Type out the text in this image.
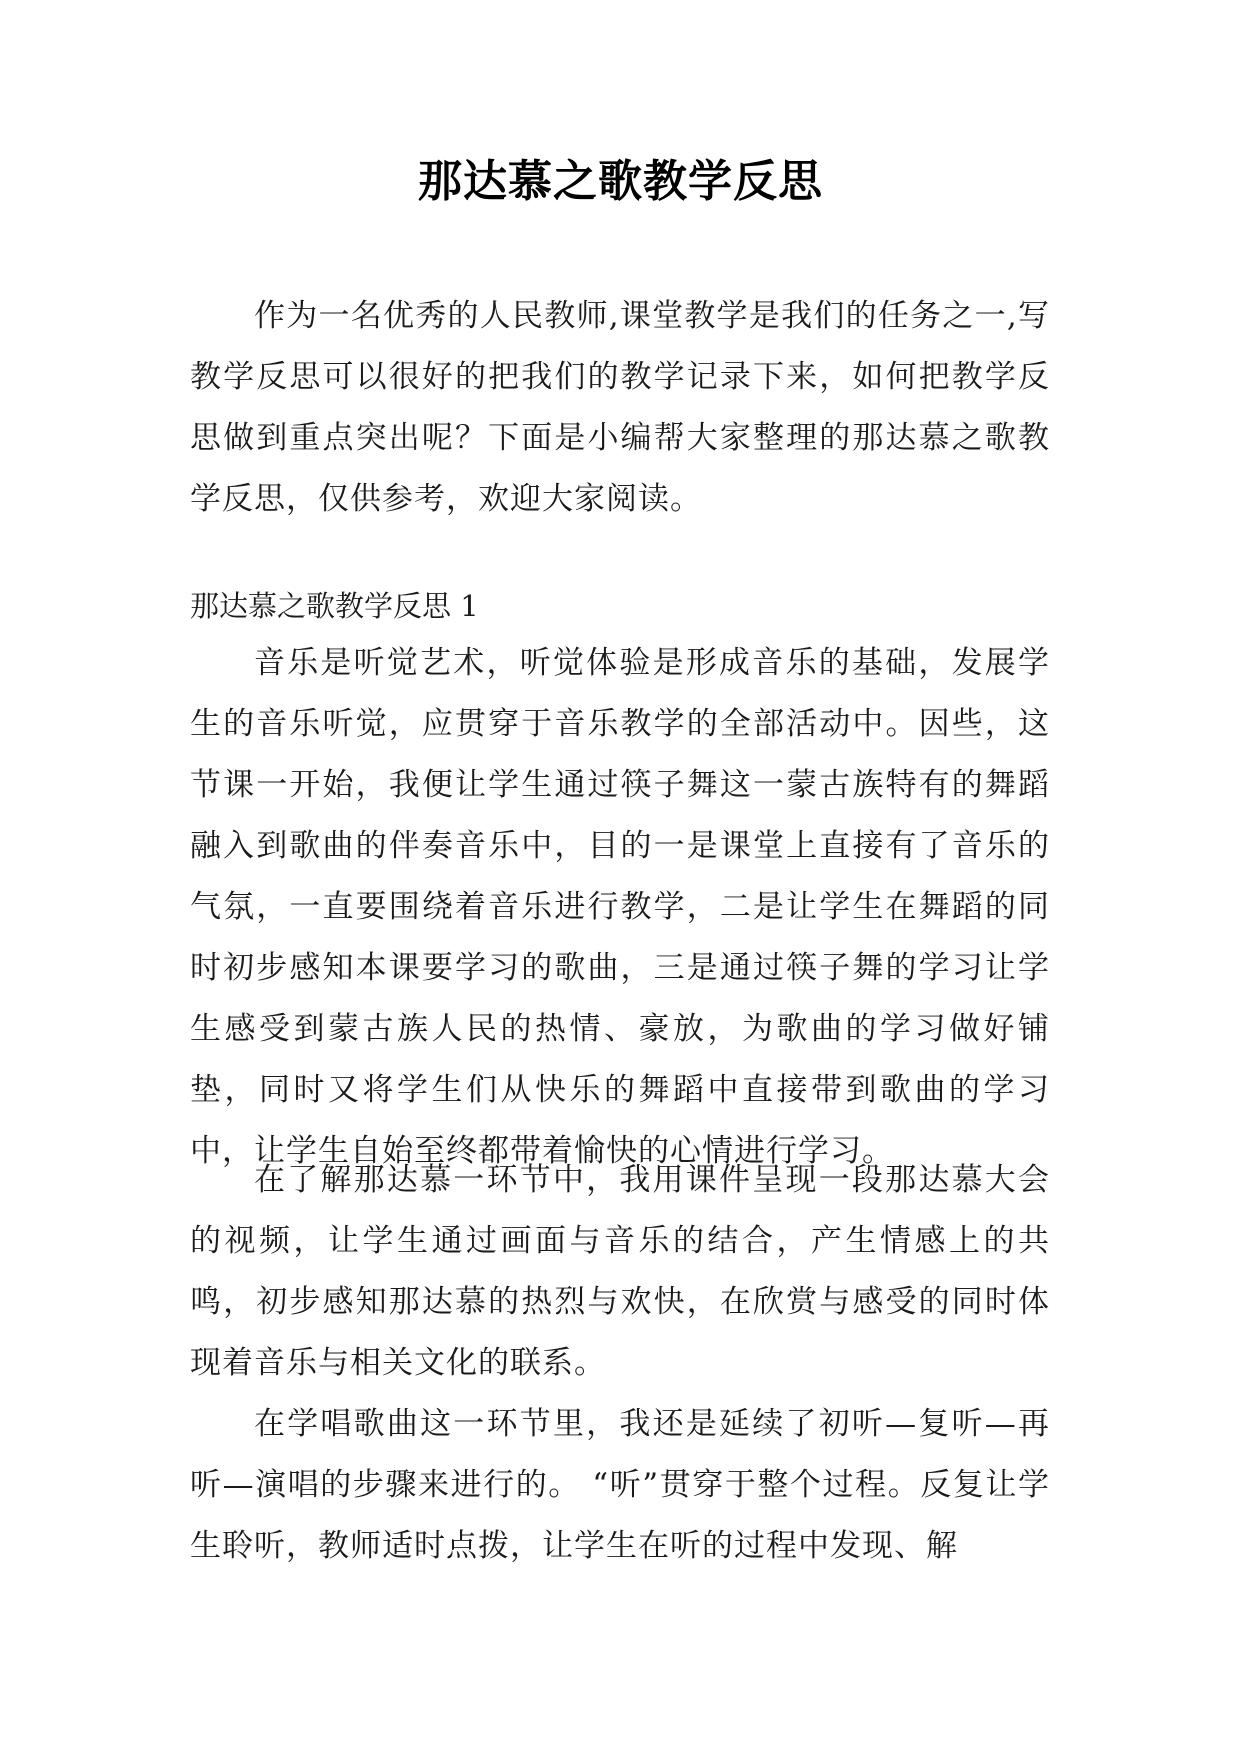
那达慕之歌教学反思

作为一名优秀的人民教师,课堂教学是我们的任务之一,写教学反思可以很好的把我们的教学记录下来，如何把教学反思做到重点突出呢？下面是小编帮大家整理的那达慕之歌教学反思，仅供参考，欢迎大家阅读。

那达慕之歌教学反思 1

音乐是听觉艺术，听觉体验是形成音乐的基础，发展学生的音乐听觉，应贯穿于音乐教学的全部活动中。因些，这节课一开始，我便让学生通过筷子舞这一蒙古族特有的舞蹈融入到歌曲的伴奏音乐中，目的一是课堂上直接有了音乐的气氛，一直要围绕着音乐进行教学，二是让学生在舞蹈的同时初步感知本课要学习的歌曲，三是通过筷子舞的学习让学生感受到蒙古族人民的热情、豪放，为歌曲的学习做好铺垫，同时又将学生们从快乐的舞蹈中直接带到歌曲的学习中，让学生自始至终都带着愉快的心情进行学习。

在了解那达慕一环节中，我用课件呈现一段那达慕大会的视频，让学生通过画面与音乐的结合，产生情感上的共鸣，初步感知那达慕的热烈与欢快，在欣赏与感受的同时体现着音乐与相关文化的联系。

在学唱歌曲这一环节里，我还是延续了初听—复听—再听—演唱的步骤来进行的。 “听”贯穿于整个过程。反复让学生聆听，教师适时点拨，让学生在听的过程中发现、解
